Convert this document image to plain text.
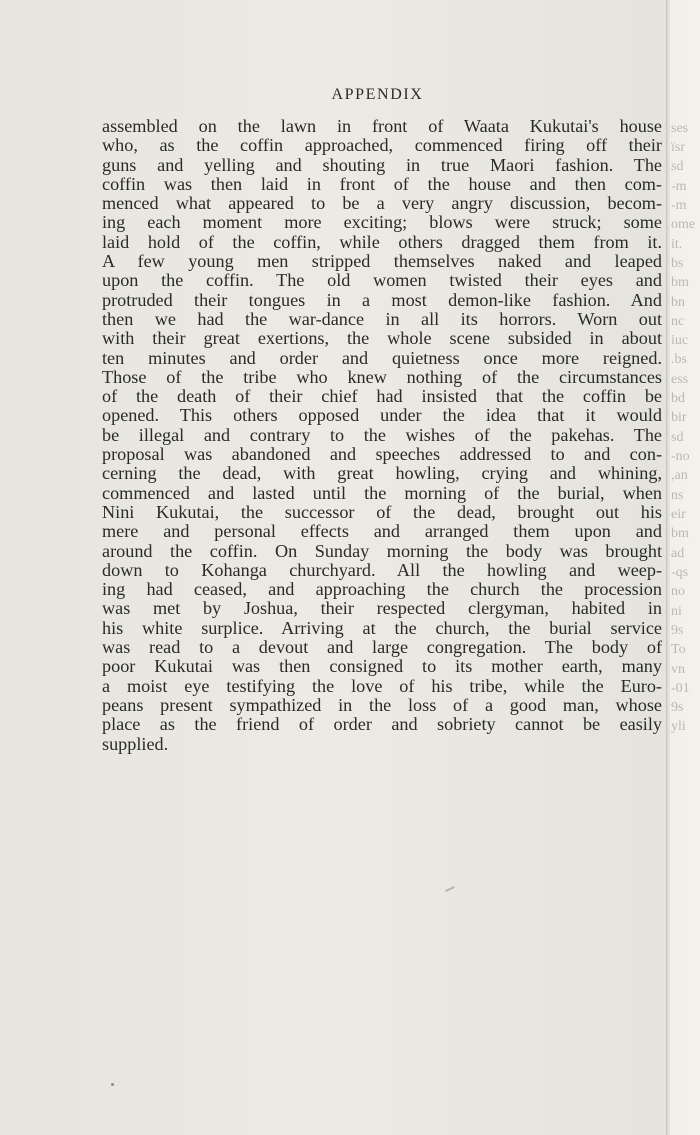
APPENDIX
assembled on the lawn in front of Waata Kukutai's house
who, as the coffin approached, commenced firing off their
guns and yelling and shouting in true Maori fashion. The
coffin was then laid in front of the house and then com-
menced what appeared to be a very angry discussion, becom-
ing each moment more exciting; blows were struck; some
laid hold of the coffin, while others dragged them from it.
A few young men stripped themselves naked and leaped
upon the coffin. The old women twisted their eyes and
protruded their tongues in a most demon-like fashion. And
then we had the war-dance in all its horrors. Worn out
with their great exertions, the whole scene subsided in about
ten minutes and order and quietness once more reigned.
Those of the tribe who knew nothing of the circumstances
of the death of their chief had insisted that the coffin be
opened. This others opposed under the idea that it would
be illegal and contrary to the wishes of the pakehas. The
proposal was abandoned and speeches addressed to and con-
cerning the dead, with great howling, crying and whining,
commenced and lasted until the morning of the burial, when
Nini Kukutai, the successor of the dead, brought out his
mere and personal effects and arranged them upon and
around the coffin. On Sunday morning the body was brought
down to Kohanga churchyard. All the howling and weep-
ing had ceased, and approaching the church the procession
was met by Joshua, their respected clergyman, habited in
his white surplice. Arriving at the church, the burial service
was read to a devout and large congregation. The body of
poor Kukutai was then consigned to its mother earth, many
a moist eye testifying the love of his tribe, while the Euro-
peans present sympathized in the loss of a good man, whose
place as the friend of order and sobriety cannot be easily
supplied.
ses
ïsr
sd
-m
-m
ome
it.
bs
bm
bn
nc
iuc
.bs
ess
bd
bir
sd
-no
,an
ns
eir
bm
ad
-qs
no
ni
9s
To
vn
-01
9s
yli
